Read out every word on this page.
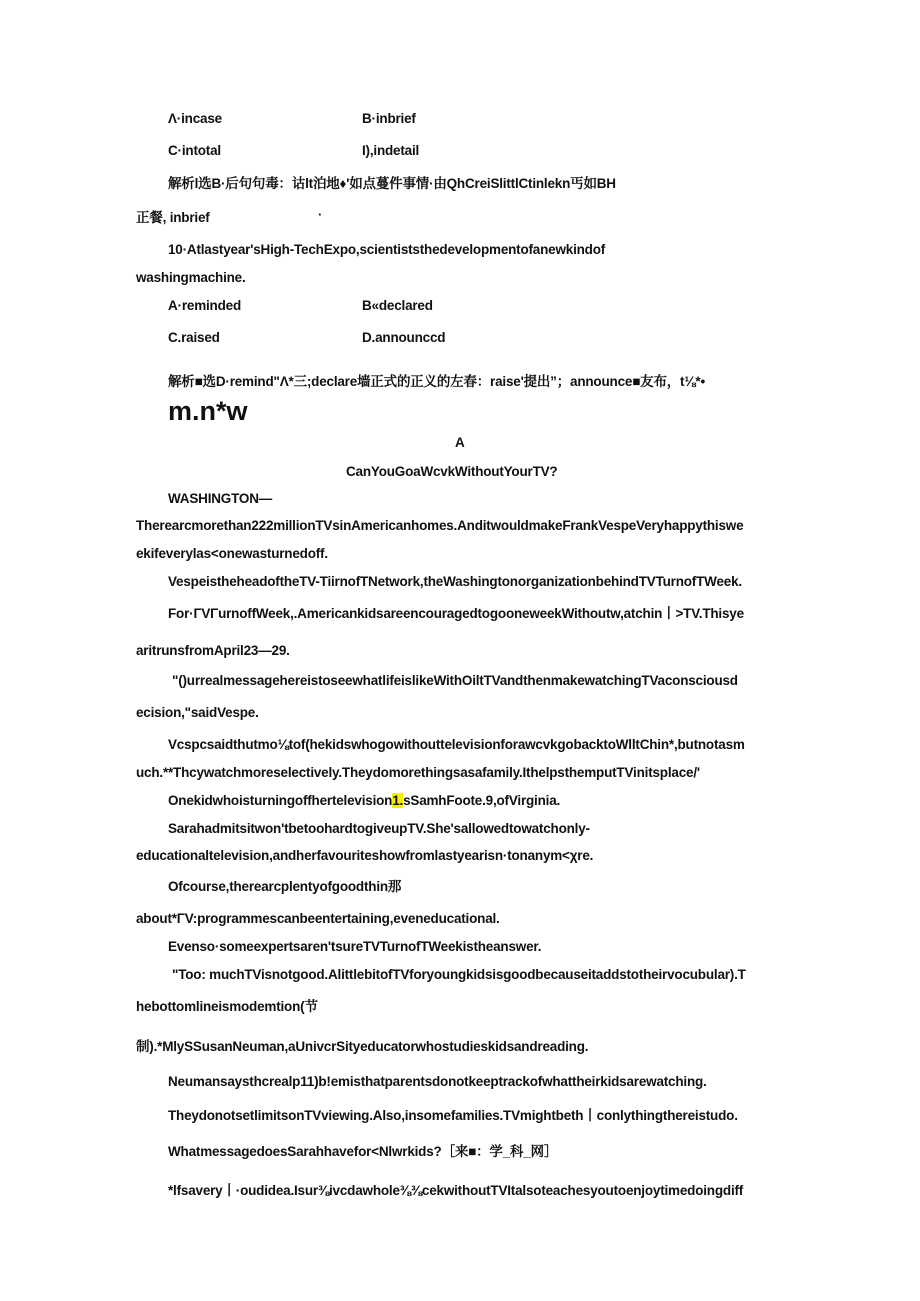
Λ·incase	B·inbrief
C·intotal	I),indetail
解析l选B·后句句毒：诂lt泊地♦'如点蔓件事情·由QhCreiSlittlCtinlekn丐如BH
正餐, inbrief	·
10·Atlastyear'sHigh-TechExpo,scientiststhedevelopmentofanewkindof
washingmachine.
A·reminded	B«declared
C.raised	D.announccd
解析■选D·remind"Λ*三;declare墙正式的正义的左春：raise'提出”；announce■友布，t⅛*•
m.n*w
A
CanYouGoaWcvkWithoutYourTV?
WASHINGTON—
Therearcmorethan222millionTVsinAmericanhomes.AnditwouldmakeFrankVespeVeryhappythiswe
ekifeverylas<onewasturnedoff.
VespeistheheadoftheTV-TiirnofTNetwork,theWashingtonorganizationbehindTVTurnofTWeek.
For·ΓVΓurnoffWeek,.AmericankidsareencouragedtogooneweekWithoutw,atchin丨>TV.Thisye
aritrunsfromApril23—29.
"()urrealmessagehereistoseewhatlifeislikeWithOiltTVandthenmakewatchingTVaconsciousd
ecision,"saidVespe.
Vcspcsaidthutmo⅛tof(hekidswhogowithouttelevisionforawcvkgobacktoWlltChin*,butnotasm
uch.**Thcywatchmoreselectively.Theydomorethingsasafamily.IthelpsthemputTVinitsplace/'
Onekidwhoisturningoffhertelevision1.sSamhFoote.9,ofVirginia.
Sarahadmitsitwon'tbetoohardtogiveupTV.She'sallowedtowatchonly-
educationaltelevision,andherfavouriteshowfromlastyearisn·tonanym<χre.
Ofcourse,therearcplentyofgoodthin那
about*ΓV:programmescanbeentertaining,eveneducational.
Evenso·someexpertsaren'tsureTVTurnofTWeekistheanswer.
"Too: muchTVisnotgood.AlittlebitofTVforyoungkidsisgoodbecauseitaddstotheirvocubular).T
hebottomlineismodemtion(节
制).*MlySSusanNeuman,aUnivcrSityeducatorwhostudieskidsandreading.
Neumansaysthcrealp11)b!emisthatparentsdonotkeeptrackofwhattheirkidsarewatching.
TheydonotsetlimitsonTVviewing.Also,insomefamilies.TVmightbeth丨conlythingthereistudo.
WhatmessagedoesSarahhavefor<Nlwrkids?［来■：学_科_网］
*lfsavery丨·oudidea.Isur⅜ivcdawhole⅜⅜cekwithoutTVItalsoteachesyoutoenjoytimedoingdiff
